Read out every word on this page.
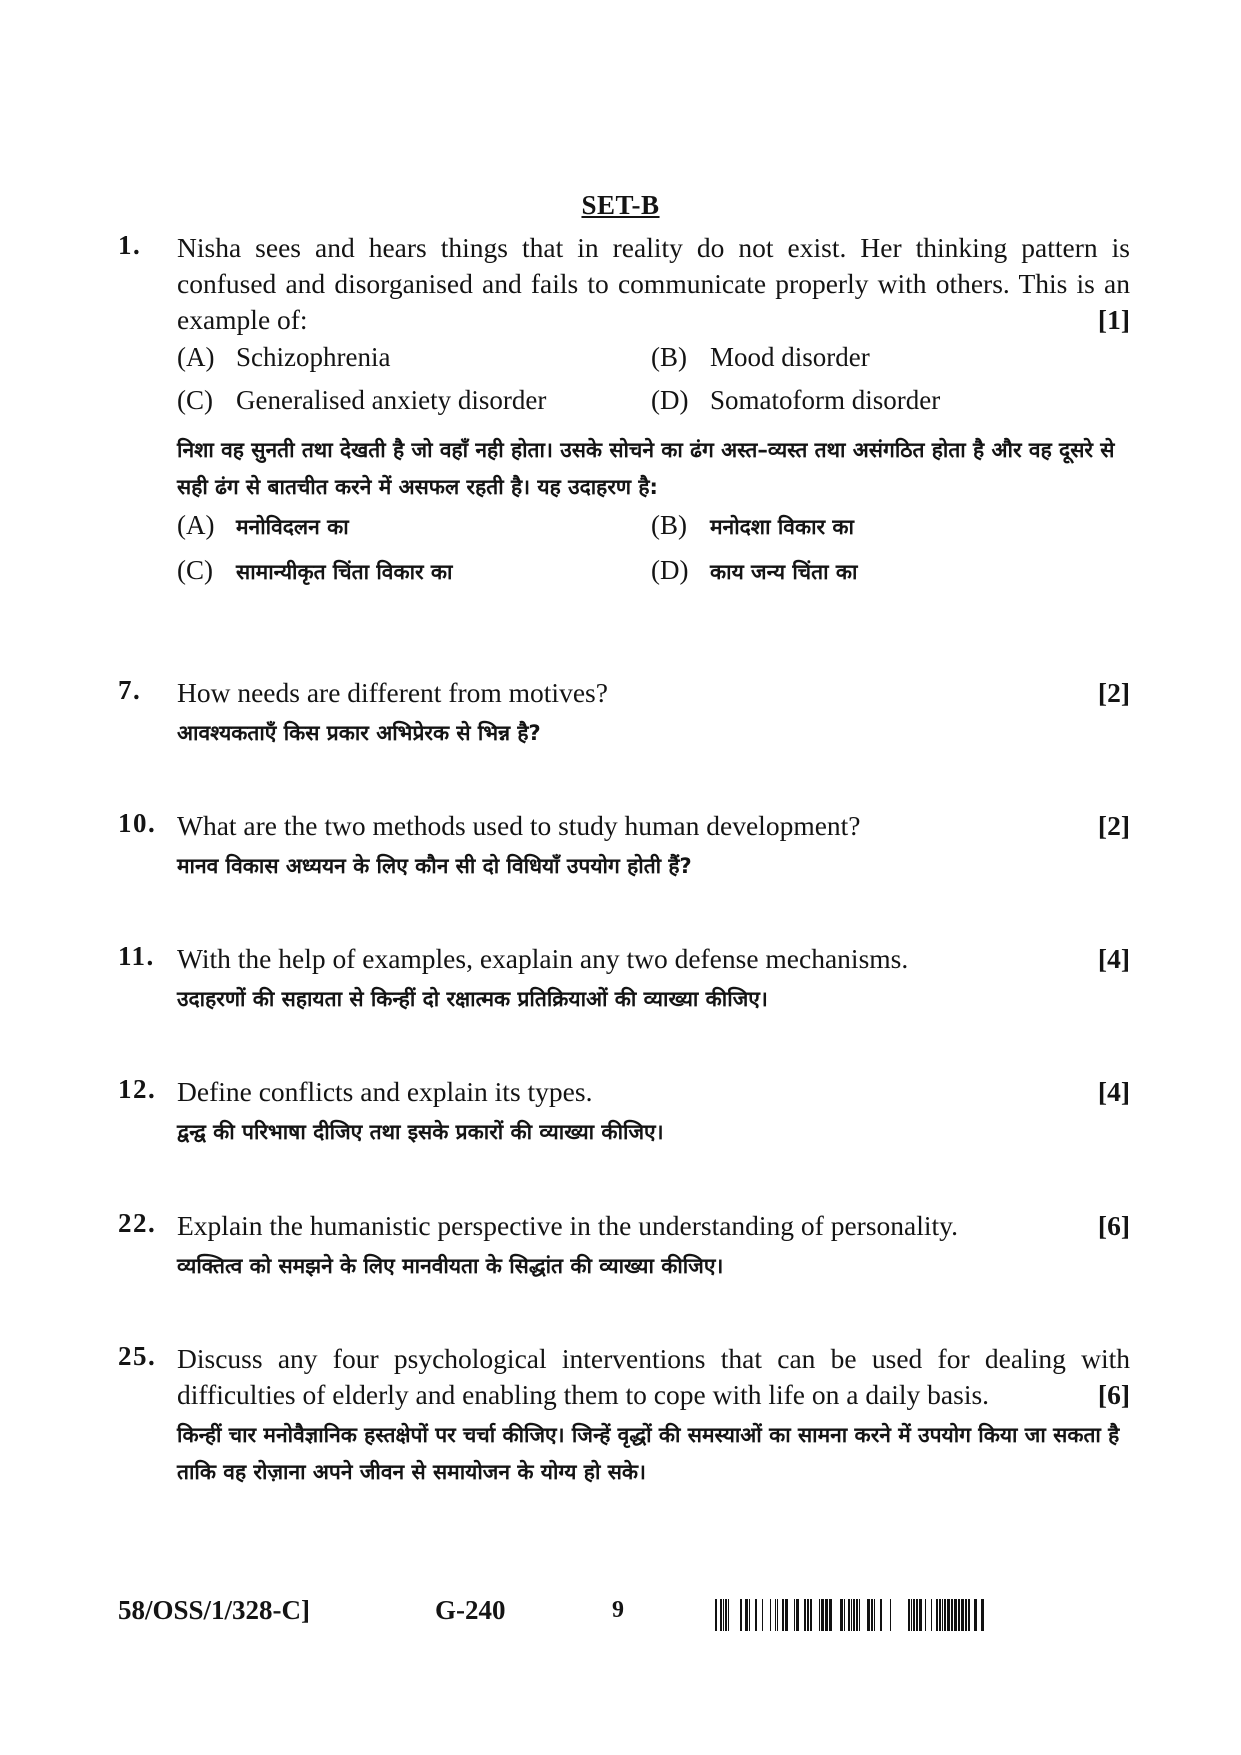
SET-B
1. Nisha sees and hears things that in reality do not exist. Her thinking pattern is confused and disorganised and fails to communicate properly with others. This is an example of:	[1]
(A) Schizophrenia	(B) Mood disorder
(C) Generalised anxiety disorder	(D) Somatoform disorder
निशा वह सुनती तथा देखती है जो वहाँ नही होता। उसके सोचने का ढंग अस्त–व्यस्त तथा असंगठित होता है और वह दूसरे से सही ढंग से बातचीत करने में असफल रहती है। यह उदाहरण है:
(A)	मनोविदलन का	(B)	मनोदशा विकार का
(C)	सामान्यीकृत चिंता विकार का	(D)	काय जन्य चिंता का
7. How needs are different from motives?	[2]
आवश्यकताएँ किस प्रकार अभिप्रेरक से भिन्न है?
10. What are the two methods used to study human development?	[2]
मानव विकास अध्ययन के लिए कौन सी दो विधियाँ उपयोग होती हैं?
11. With the help of examples, exaplain any two defense mechanisms.	[4]
उदाहरणों की सहायता से किन्हीं दो रक्षात्मक प्रतिक्रियाओं की व्याख्या कीजिए।
12. Define conflicts and explain its types.	[4]
द्वन्द्व की परिभाषा दीजिए तथा इसके प्रकारों की व्याख्या कीजिए।
22. Explain the humanistic perspective in the understanding of personality.	[6]
व्यक्तित्व को समझने के लिए मानवीयता के सिद्धांत की व्याख्या कीजिए।
25. Discuss any four psychological interventions that can be used for dealing with difficulties of elderly and enabling them to cope with life on a daily basis.	[6]
किन्हीं चार मनोवैज्ञानिक हस्तक्षेपों पर चर्चा कीजिए। जिन्हें वृद्धों की समस्याओं का सामना करने में उपयोग किया जा सकता है ताकि वह रोज़ाना अपने जीवन से समायोजन के योग्य हो सके।
58/OSS/1/328-C]	G-240	9
